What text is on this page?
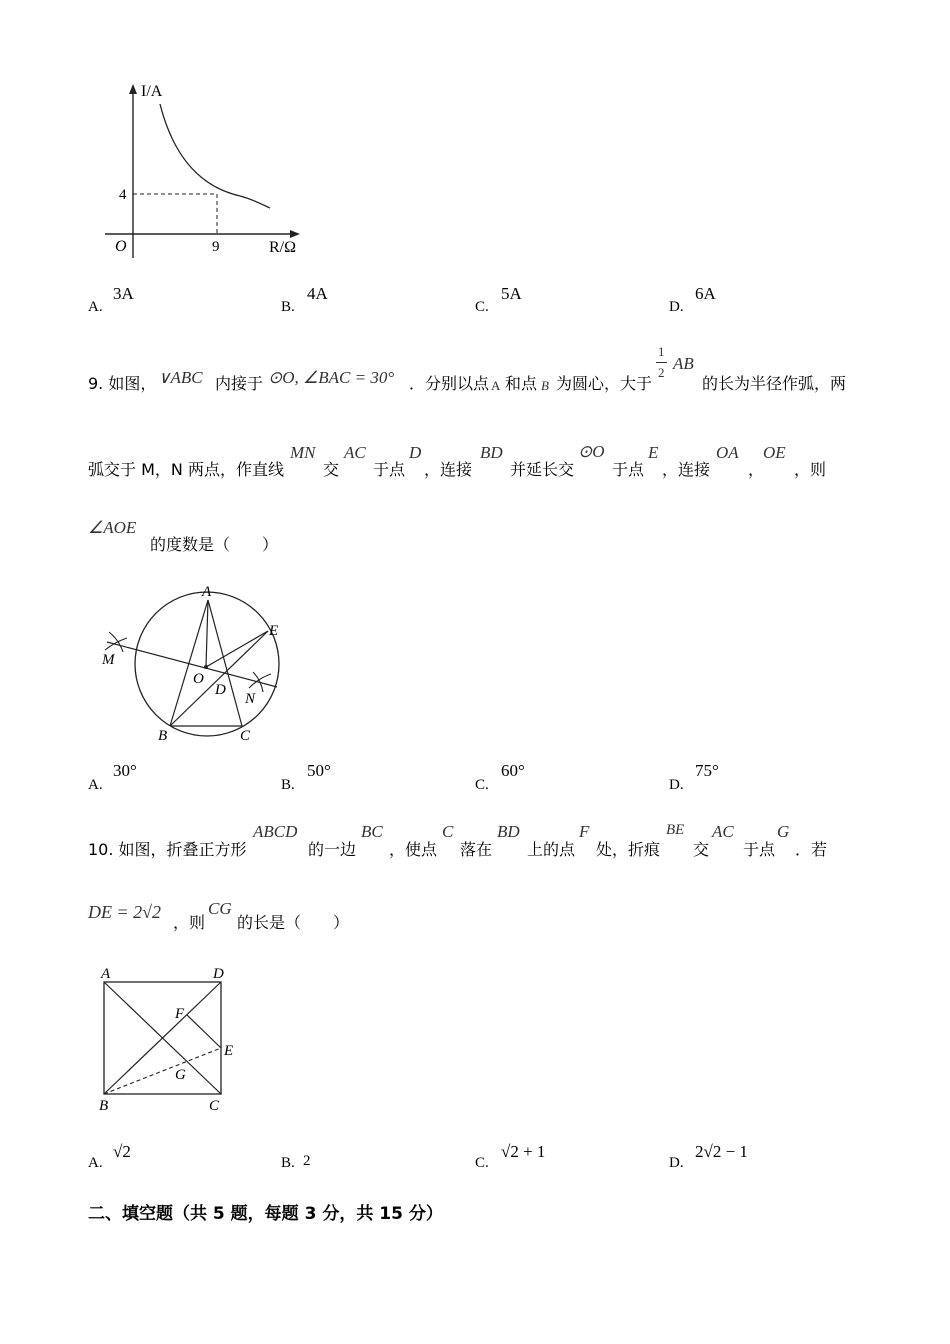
I/A
R/Ω
O
4
9
A.
3A
B.
4A
C.
5A
D.
6A
9. 如图， ∨ABC 内接于 ⊙O, ∠BAC = 30° ．分别以点 A 和点 B 为圆心，大于
1
2 AB
的长为半径作弧，两
弧交于 M，N 两点，作直线
MN
交
AC
于点
D
，连接
BD
并延长交
⊙O
于点
E
，连接
OA
，
OE
，则
∠AOE
的度数是（　　）
A
B	C
E
M
N
O
D
A.
30°
B.
50°
C.
60°
D.
75°
10. 如图，折叠正方形
ABCD
的一边
BC
，使点
C
落在
BD
上的点
F
处，折痕
BE
交
AC
于点
G
．若
DE = 2√2
，则
CG
的长是（　　）
A	D
F
E
G
B	C
A.
√2
B. 2	C.
√2 + 1
D.
2√2 − 1
二、填空题（共 5 题，每题 3 分，共 15 分）
